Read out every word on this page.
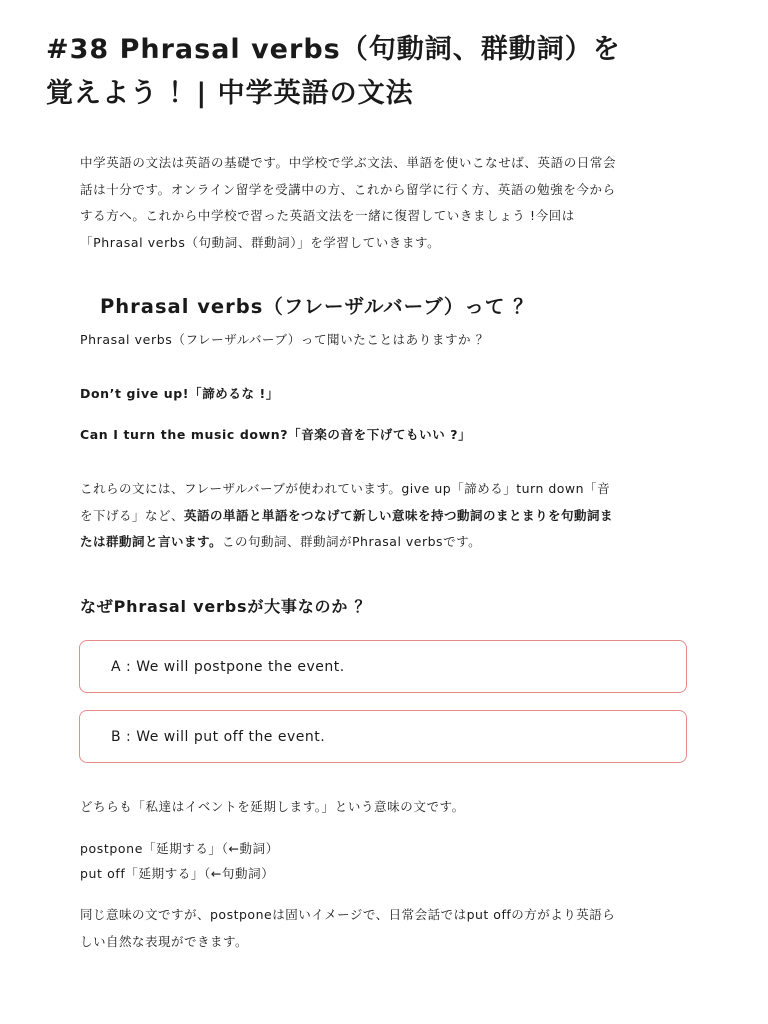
#38 Phrasal verbs（句動詞、群動詞）を
覚えよう ！| 中学英語の文法
中学英語の文法は英語の基礎です。中学校で学ぶ文法、単語を使いこなせば、英語の日常会
話は十分です。オンライン留学を受講中の方、これから留学に行く方、英語の勉強を今から
する方へ。これから中学校で習った英語文法を一緒に復習していきましょう !今回は
「Phrasal verbs（句動詞、群動詞）」を学習していきます。
Phrasal verbs（フレーザルバーブ）って ？

Phrasal verbs（フレーザルバーブ）って聞いたことはありますか ？

Don’t give up!「諦めるな !」

Can I turn the music down?「音楽の音を下げてもいい ?」

これらの文には、フレーザルバーブが使われています。give up「諦める」turn down「音
を下げる」など、英語の単語と単語をつなげて新しい意味を持つ動詞のまとまりを句動詞ま
たは群動詞と言います。この句動詞、群動詞がPhrasal verbsです。
なぜPhrasal verbsが大事なのか ？
A : We will postpone the event.
B : We will put off the event.

どちらも「私達はイベントを延期します。」という意味の文です。

postpone「延期する」（←動詞）

put off「延期する」（←句動詞）

同じ意味の文ですが、postponeは固いイメージで、日常会話ではput offの方がより英語ら
しい自然な表現ができます。
